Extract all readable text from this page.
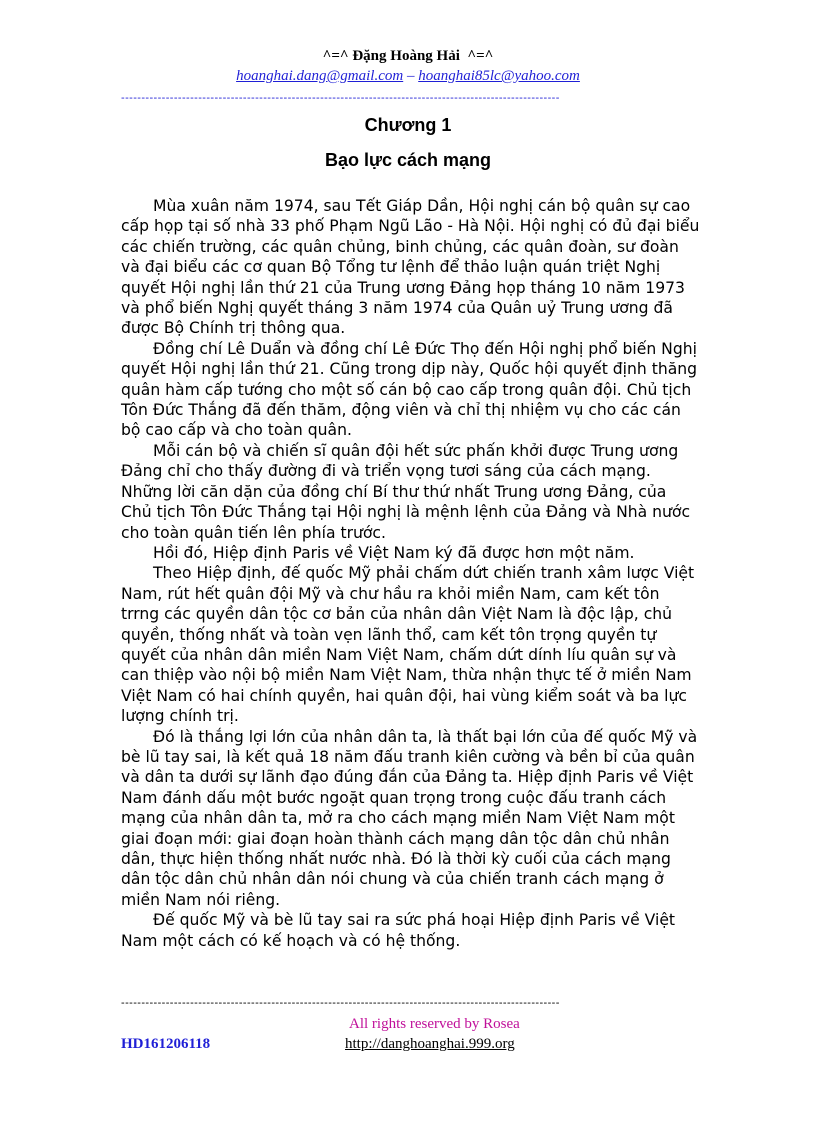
^=^ Đặng Hoàng Hải  ^=^
hoanghai.dang@gmail.com – hoanghai85lc@yahoo.com
------------------------------------------------------------------------------------------------------------
Chương 1
Bạo lực cách mạng

Mùa xuân năm 1974, sau Tết Giáp Dần, Hội nghị cán bộ quân sự cao cấp họp tại số nhà 33 phố Phạm Ngũ Lão - Hà Nội. Hội nghị có đủ đại biểu các chiến trường, các quân chủng, binh chủng, các quân đoàn, sư đoàn và đại biểu các cơ quan Bộ Tổng tư lệnh để thảo luận quán triệt Nghị quyết Hội nghị lần thứ 21 của Trung ương Đảng họp tháng 10 năm 1973 và phổ biến Nghị quyết tháng 3 năm 1974 của Quân uỷ Trung ương đã được Bộ Chính trị thông qua.

Đồng chí Lê Duẩn và đồng chí Lê Đức Thọ đến Hội nghị phổ biến Nghị quyết Hội nghị lần thứ 21. Cũng trong dịp này, Quốc hội quyết định thăng quân hàm cấp tướng cho một số cán bộ cao cấp trong quân đội. Chủ tịch Tôn Đức Thắng đã đến thăm, động viên và chỉ thị nhiệm vụ cho các cán bộ cao cấp và cho toàn quân.

Mỗi cán bộ và chiến sĩ quân đội hết sức phấn khởi được Trung ương Đảng chỉ cho thấy đường đi và triển vọng tươi sáng của cách mạng. Những lời căn dặn của đồng chí Bí thư thứ nhất Trung ương Đảng, của Chủ tịch Tôn Đức Thắng tại Hội nghị là mệnh lệnh của Đảng và Nhà nước cho toàn quân tiến lên phía trước.

Hồi đó, Hiệp định Paris về Việt Nam ký đã được hơn một năm.

Theo Hiệp định, đế quốc Mỹ phải chấm dứt chiến tranh xâm lược Việt Nam, rút hết quân đội Mỹ và chư hầu ra khỏi miền Nam, cam kết tôn trrng các quyền dân tộc cơ bản của nhân dân Việt Nam là độc lập, chủ quyền, thống nhất và toàn vẹn lãnh thổ, cam kết tôn trọng quyền tự quyết của nhân dân miền Nam Việt Nam, chấm dứt dính líu quân sự và can thiệp vào nội bộ miền Nam Việt Nam, thừa nhận thực tế ở miền Nam Việt Nam có hai chính quyền, hai quân đội, hai vùng kiểm soát và ba lực lượng chính trị.

Đó là thắng lợi lớn của nhân dân ta, là thất bại lớn của đế quốc Mỹ và bè lũ tay sai, là kết quả 18 năm đấu tranh kiên cường và bền bỉ của quân và dân ta dưới sự lãnh đạo đúng đắn của Đảng ta. Hiệp định Paris về Việt Nam đánh dấu một bước ngoặt quan trọng trong cuộc đấu tranh cách mạng của nhân dân ta, mở ra cho cách mạng miền Nam Việt Nam một giai đoạn mới: giai đoạn hoàn thành cách mạng dân tộc dân chủ nhân dân, thực hiện thống nhất nước nhà. Đó là thời kỳ cuối của cách mạng dân tộc dân chủ nhân dân nói chung và của chiến tranh cách mạng ở miền Nam nói riêng.

Đế quốc Mỹ và bè lũ tay sai ra sức phá hoại Hiệp định Paris về Việt Nam một cách có kế hoạch và có hệ thống.

------------------------------------------------------------------------------------------------------------
All rights reserved by Rosea
HD161206118	http://danghoanghai.999.org
